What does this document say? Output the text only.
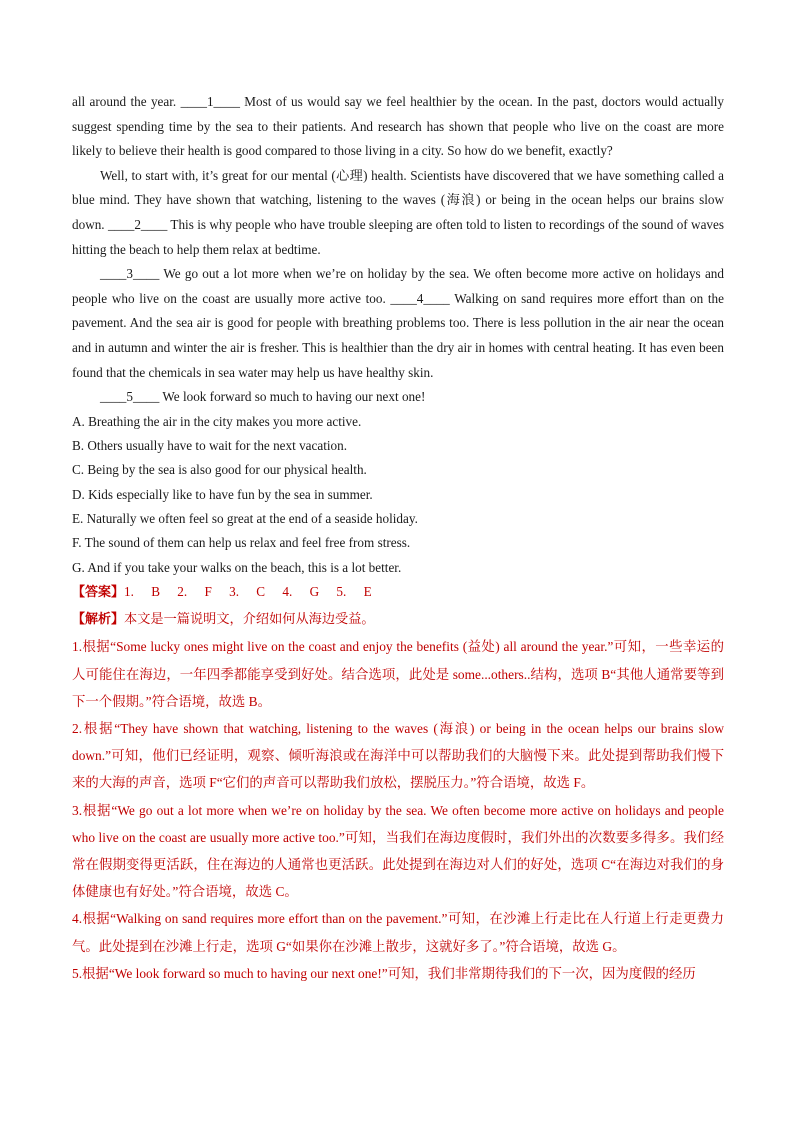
all around the year. ____1____ Most of us would say we feel healthier by the ocean. In the past, doctors would actually suggest spending time by the sea to their patients. And research has shown that people who live on the coast are more likely to believe their health is good compared to those living in a city. So how do we benefit, exactly?

Well, to start with, it’s great for our mental (心理) health. Scientists have discovered that we have something called a blue mind. They have shown that watching, listening to the waves (海浪) or being in the ocean helps our brains slow down. ____2____ This is why people who have trouble sleeping are often told to listen to recordings of the sound of waves hitting the beach to help them relax at bedtime.

____3____ We go out a lot more when we’re on holiday by the sea. We often become more active on holidays and people who live on the coast are usually more active too. ____4____ Walking on sand requires more effort than on the pavement. And the sea air is good for people with breathing problems too. There is less pollution in the air near the ocean and in autumn and winter the air is fresher. This is healthier than the dry air in homes with central heating. It has even been found that the chemicals in sea water may help us have healthy skin.

____5____ We look forward so much to having our next one!

A. Breathing the air in the city makes you more active.

B. Others usually have to wait for the next vacation.

C. Being by the sea is also good for our physical health.

D. Kids especially like to have fun by the sea in summer.

E. Naturally we often feel so great at the end of a seaside holiday.

F. The sound of them can help us relax and feel free from stress.

G. And if you take your walks on the beach, this is a lot better.

【答案】1. B 2. F 3. C 4. G 5. E

【解析】本文是一篇说明文，介绍如何从海边受益。

1.根据“Some lucky ones might live on the coast and enjoy the benefits (益处) all around the year.”可知，一些幸运的人可能住在海边，一年四季都能享受到好处。结合选项，此处是 some...others..结构，选项 B“其他人通常要等到下一个假期。”符合语境，故选 B。

2.根据“They have shown that watching, listening to the waves (海浪) or being in the ocean helps our brains slow down.”可知，他们已经证明，观察、倾听海浪或在海洋中可以帮助我们的大脑慢下来。此处提到帮助我们慢下来的大海的声音，选项 F“它们的声音可以帮助我们放松，摆脱压力。”符合语境，故选 F。

3.根据“We go out a lot more when we’re on holiday by the sea. We often become more active on holidays and people who live on the coast are usually more active too.”可知，当我们在海边度假时，我们外出的次数要多得多。我们经常在假期变得更活跃，住在海边的人通常也更活跃。此处提到在海边对人们的好处，选项 C“在海边对我们的身体健康也有好处。”符合语境，故选 C。

4.根据“Walking on sand requires more effort than on the pavement.”可知，在沙滩上行走比在人行道上行走更费力气。此处提到在沙滩上行走，选项 G“如果你在沙滩上散步，这就好多了。”符合语境，故选 G。

5.根据“We look forward so much to having our next one!”可知，我们非常期待我们的下一次，因为度假的经历
